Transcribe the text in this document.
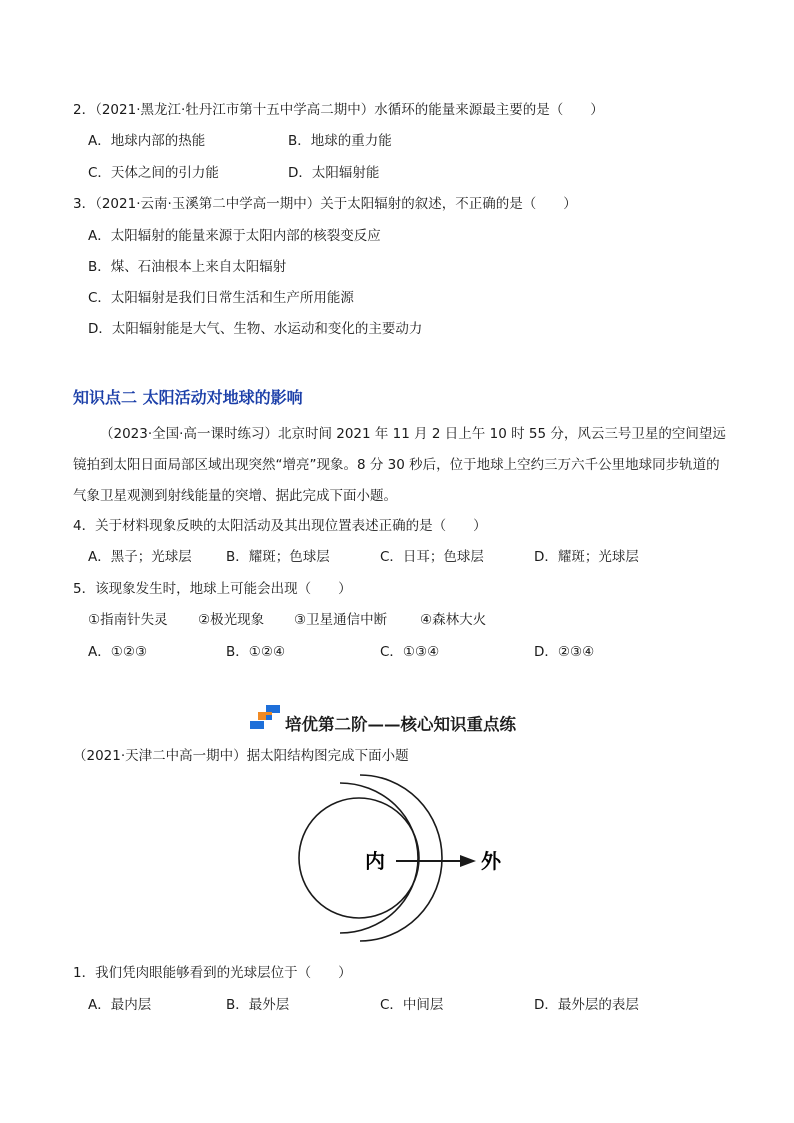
2．（2021·黑龙江·牡丹江市第十五中学高二期中）水循环的能量来源最主要的是（　　）
A．地球内部的热能	B．地球的重力能
C．天体之间的引力能	D．太阳辐射能
3．（2021·云南·玉溪第二中学高一期中）关于太阳辐射的叙述，不正确的是（　　）
A．太阳辐射的能量来源于太阳内部的核裂变反应
B．煤、石油根本上来自太阳辐射
C．太阳辐射是我们日常生活和生产所用能源
D．太阳辐射能是大气、生物、水运动和变化的主要动力
知识点二 太阳活动对地球的影响
（2023·全国·高一课时练习）北京时间 2021 年 11 月 2 日上午 10 时 55 分，风云三号卫星的空间望远镜拍到太阳日面局部区域出现突然“增亮”现象。8 分 30 秒后，位于地球上空约三万六千公里地球同步轨道的气象卫星观测到射线能量的突增、据此完成下面小题。
4．关于材料现象反映的太阳活动及其出现位置表述正确的是（　　）
A．黑子；光球层	B．耀斑；色球层	C．日耳；色球层	D．耀斑；光球层
5．该现象发生时，地球上可能会出现（　　）
①指南针失灵 ②极光现象 ③卫星通信中断 ④森林大火
A．①②③	B．①②④	C．①③④	D．②③④
培优第二阶——核心知识重点练
（2021·天津二中高一期中）据太阳结构图完成下面小题
内	外
1．我们凭肉眼能够看到的光球层位于（　　）
A．最内层	B．最外层	C．中间层	D．最外层的表层
